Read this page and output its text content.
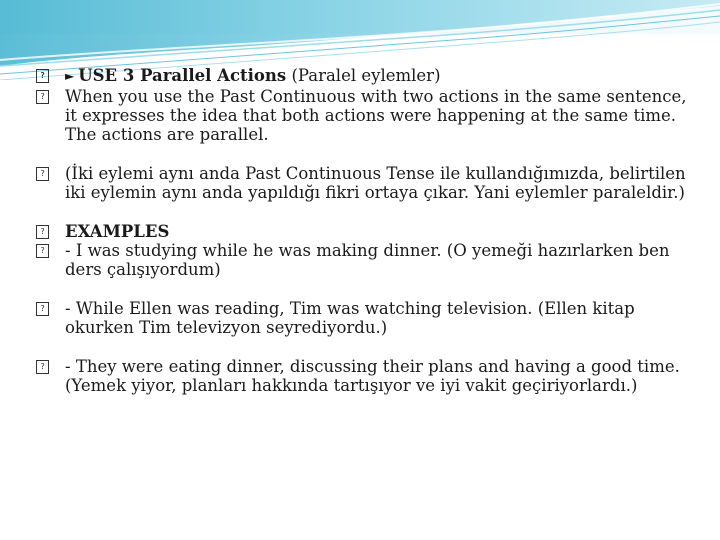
?	► USE 3 Parallel Actions (Paralel eylemler)

? When you use the Past Continuous with two actions in the same sentence, it expresses the idea that both actions were happening at the same time. The actions are parallel.

? (İki eylemi aynı anda Past Continuous Tense ile kullandığımızda, belirtilen iki eylemin aynı anda yapıldığı fikri ortaya çıkar. Yani eylemler paraleldir.)

? EXAMPLES

? - I was studying while he was making dinner. (O yemeği hazırlarken ben ders çalışıyordum)

? - While Ellen was reading, Tim was watching television. (Ellen kitap okurken Tim televizyon seyrediyordu.)

? - They were eating dinner, discussing their plans and having a good time. (Yemek yiyor, planları hakkında tartışıyor ve iyi vakit geçiriyorlardı.)
